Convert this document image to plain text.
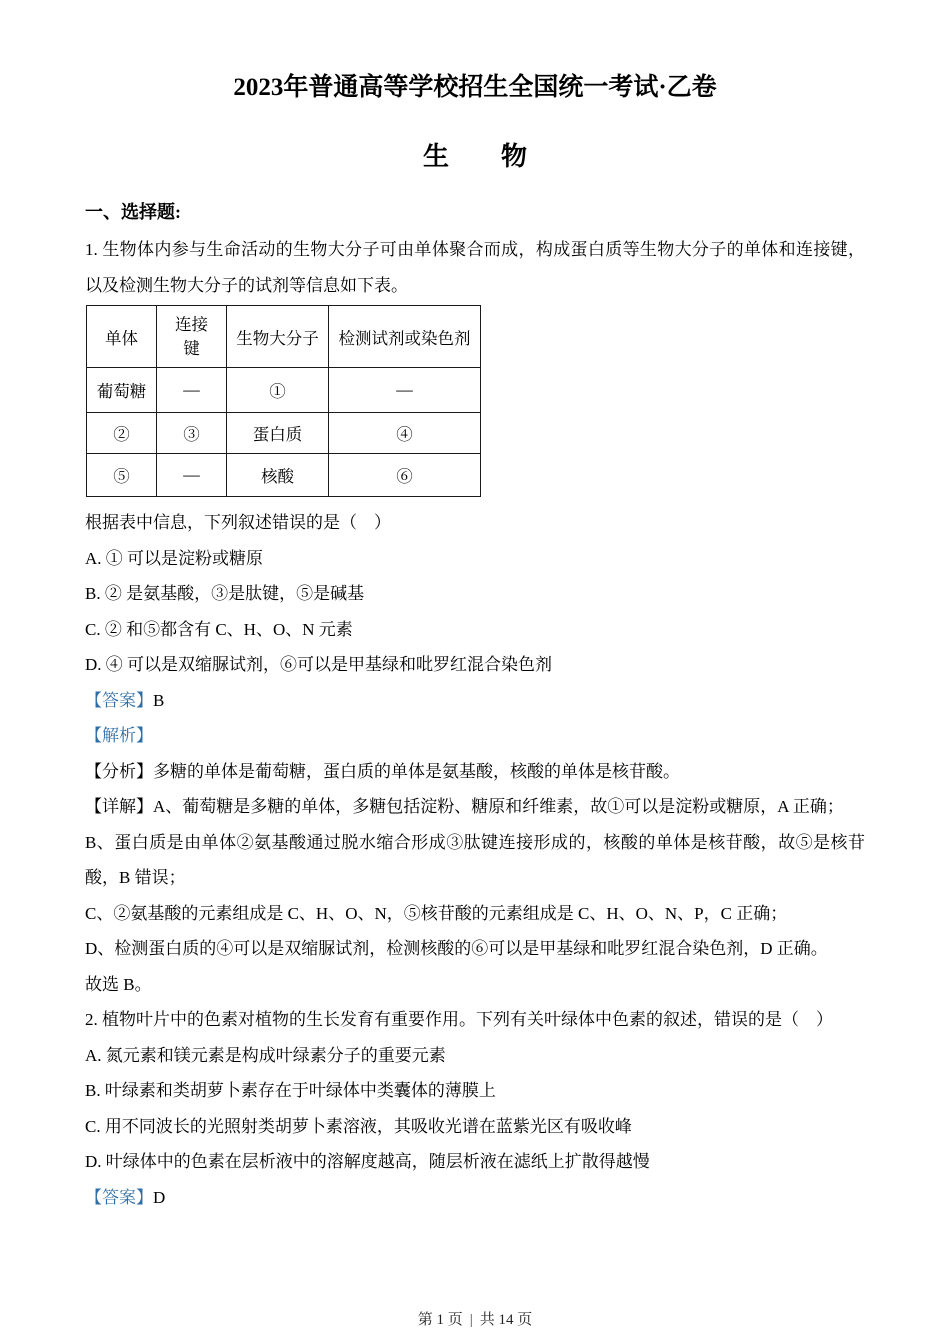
2023年普通高等学校招生全国统一考试·乙卷
生　　物
一、选择题:

1. 生物体内参与生命活动的生物大分子可由单体聚合而成，构成蛋白质等生物大分子的单体和连接键，以及检测生物大分子的试剂等信息如下表。

单体	连接键	生物大分子	检测试剂或染色剂
葡萄糖	—	①	—
②	③	蛋白质	④
⑤	—	核酸	⑥

根据表中信息，下列叙述错误的是（　）

A. ① 可以是淀粉或糖原

B. ② 是氨基酸，③是肽键，⑤是碱基

C. ② 和⑤都含有 C、H、O、N 元素

D. ④ 可以是双缩脲试剂，⑥可以是甲基绿和吡罗红混合染色剂

【答案】B

【解析】

【分析】多糖的单体是葡萄糖，蛋白质的单体是氨基酸，核酸的单体是核苷酸。

【详解】A、葡萄糖是多糖的单体，多糖包括淀粉、糖原和纤维素，故①可以是淀粉或糖原，A 正确；

B、蛋白质是由单体②氨基酸通过脱水缩合形成③肽键连接形成的，核酸的单体是核苷酸，故⑤是核苷酸，B 错误；

C、②氨基酸的元素组成是 C、H、O、N，⑤核苷酸的元素组成是 C、H、O、N、P，C 正确；

D、检测蛋白质的④可以是双缩脲试剂，检测核酸的⑥可以是甲基绿和吡罗红混合染色剂，D 正确。

故选 B。

2. 植物叶片中的色素对植物的生长发育有重要作用。下列有关叶绿体中色素的叙述，错误的是（　）

A. 氮元素和镁元素是构成叶绿素分子的重要元素

B. 叶绿素和类胡萝卜素存在于叶绿体中类囊体的薄膜上

C. 用不同波长的光照射类胡萝卜素溶液，其吸收光谱在蓝紫光区有吸收峰

D. 叶绿体中的色素在层析液中的溶解度越高，随层析液在滤纸上扩散得越慢

【答案】D

第 1 页 | 共 14 页
